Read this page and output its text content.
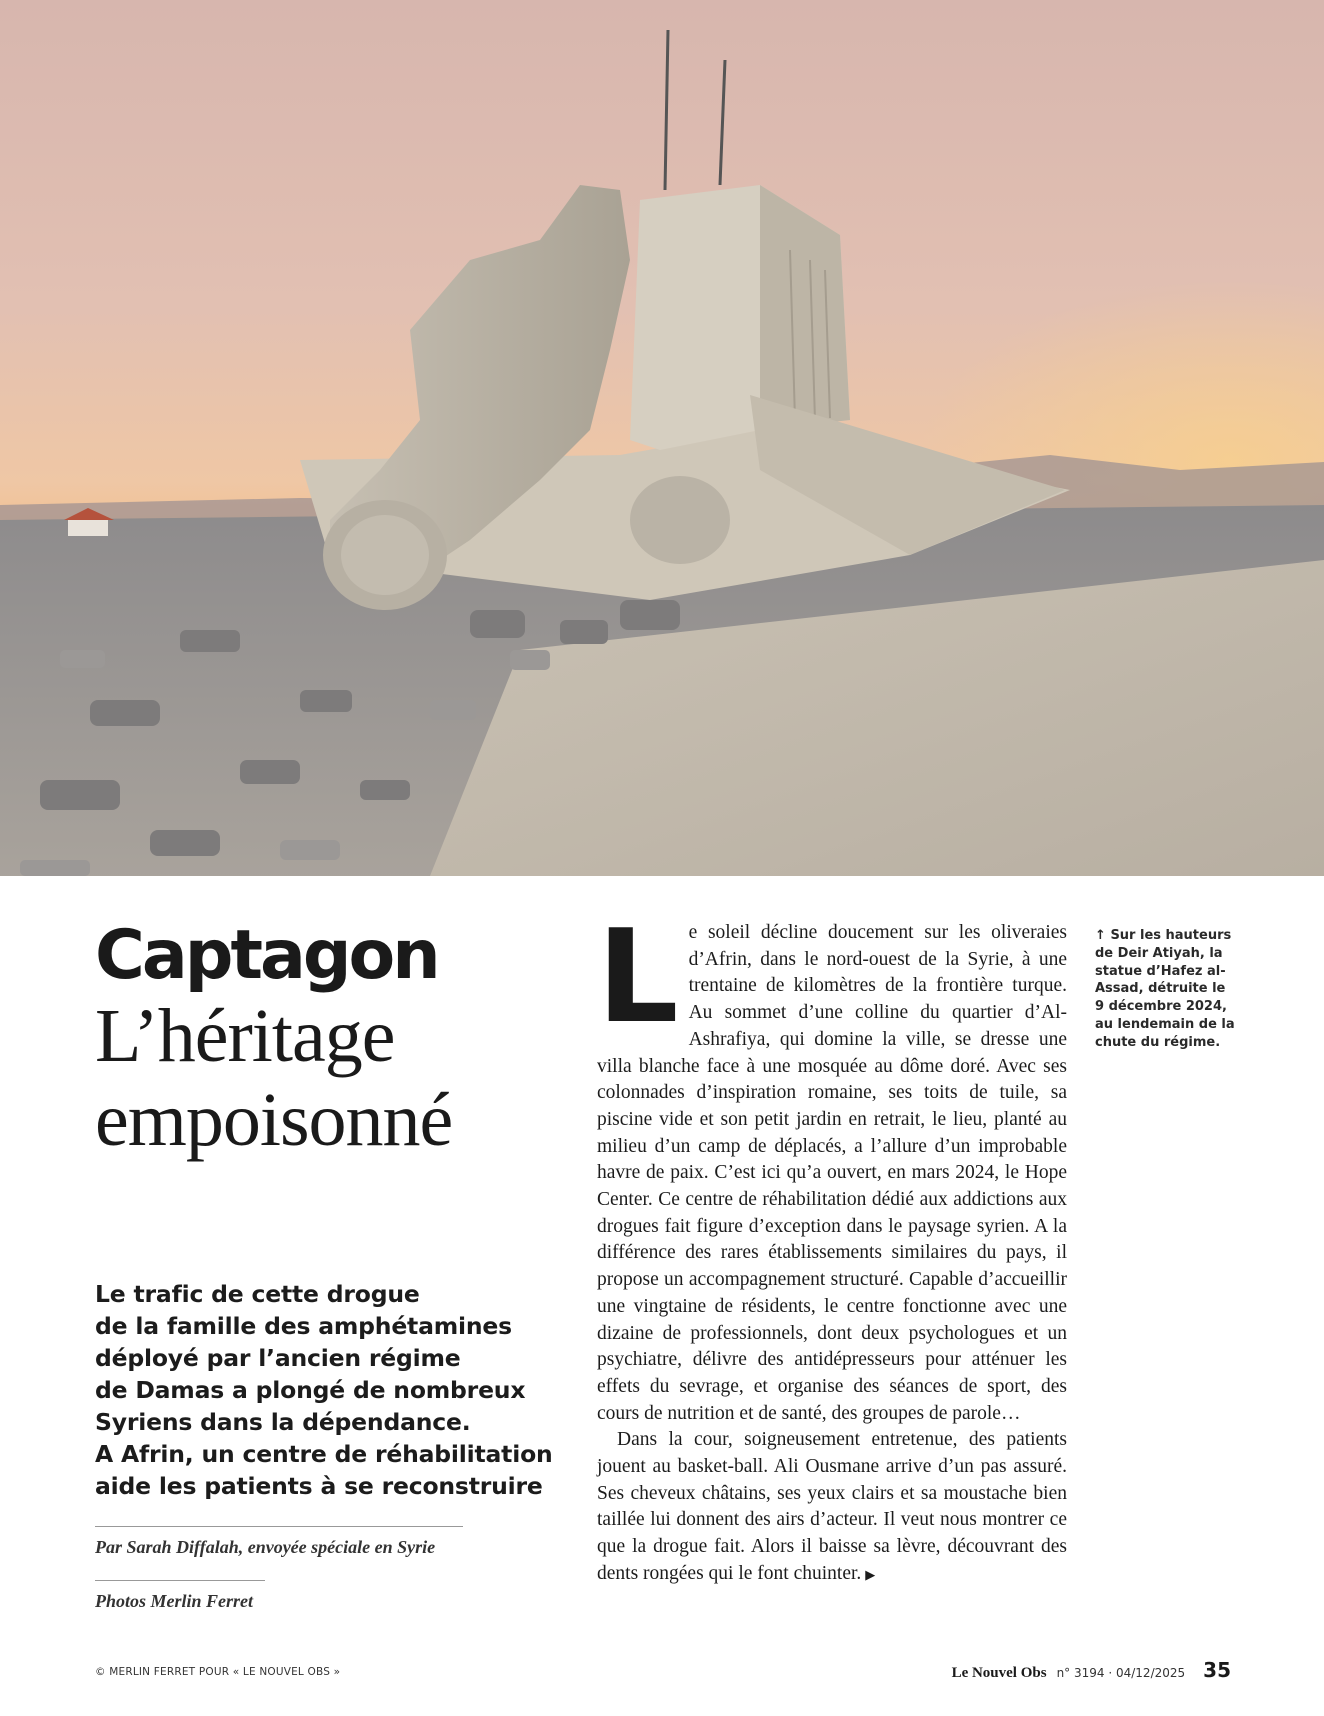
Captagon
L’héritage
empoisonné
Le trafic de cette drogue
de la famille des amphétamines
déployé par l’ancien régime
de Damas a plongé de nombreux
Syriens dans la dépendance.
A Afrin, un centre de réhabilitation
aide les patients à se reconstruire
Par Sarah Diffalah, envoyée spéciale en Syrie
Photos Merlin Ferret

Le soleil décline doucement sur les oliveraies d’Afrin, dans le nord-ouest de la Syrie, à une trentaine de kilomètres de la frontière turque. Au sommet d’une colline du quartier d’Al-Ashrafiya, qui domine la ville, se dresse une villa blanche face à une mosquée au dôme doré. Avec ses colonnades d’inspiration romaine, ses toits de tuile, sa piscine vide et son petit jardin en retrait, le lieu, planté au milieu d’un camp de déplacés, a l’allure d’un improbable havre de paix. C’est ici qu’a ouvert, en mars 2024, le Hope Center. Ce centre de réhabilitation dédié aux addictions aux drogues fait figure d’exception dans le paysage syrien. A la différence des rares établissements similaires du pays, il propose un accompagnement structuré. Capable d’accueillir une vingtaine de résidents, le centre fonctionne avec une dizaine de professionnels, dont deux psychologues et un psychiatre, délivre des antidépresseurs pour atténuer les effets du sevrage, et organise des séances de sport, des cours de nutrition et de santé, des groupes de parole…

Dans la cour, soigneusement entretenue, des patients jouent au basket-ball. Ali Ousmane arrive d’un pas assuré. Ses cheveux châtains, ses yeux clairs et sa moustache bien taillée lui donnent des airs d’acteur. Il veut nous montrer ce que la drogue fait. Alors il baisse sa lèvre, découvrant des dents rongées qui le font chuinter. ▶

↑ Sur les hauteurs de Deir Atiyah, la statue d’Hafez al-Assad, détruite le 9 décembre 2024, au lendemain de la chute du régime.
© MERLIN FERRET POUR « LE NOUVEL OBS »	Le Nouvel Obs n° 3194 · 04/12/2025 35
